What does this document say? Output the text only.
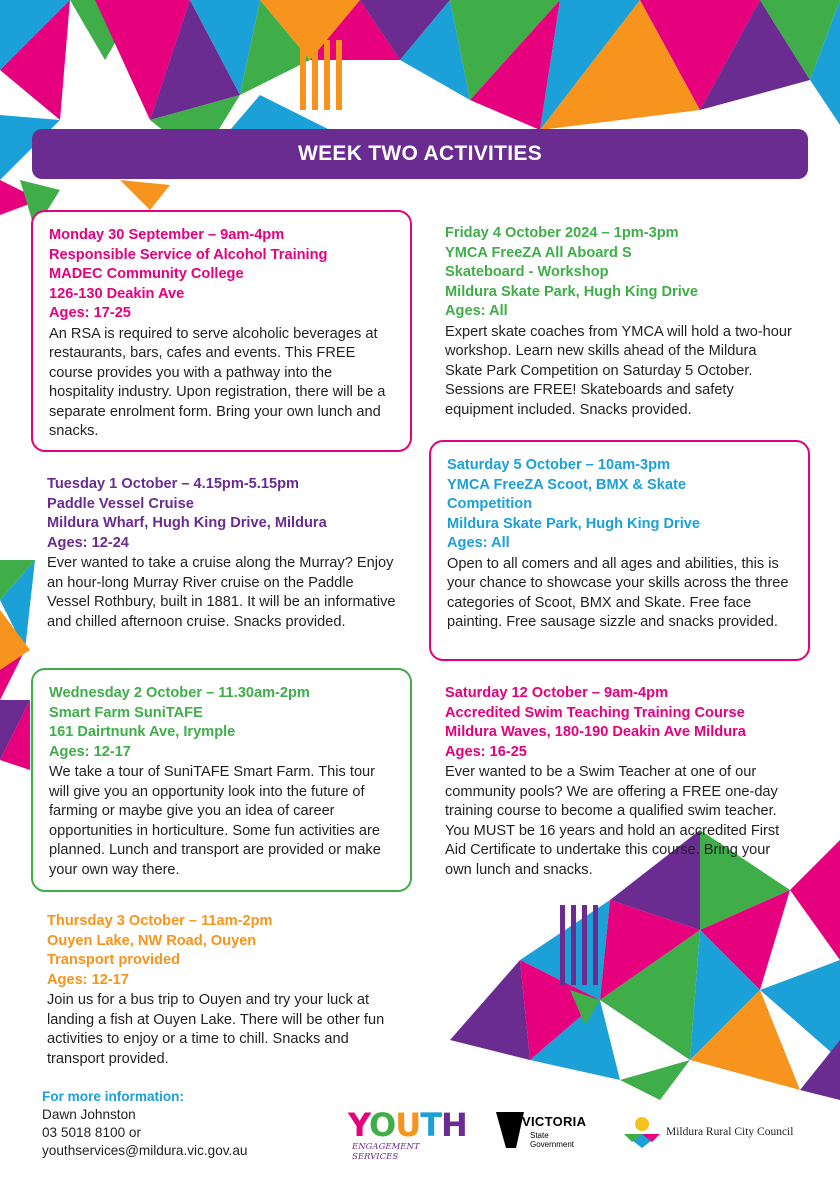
WEEK TWO ACTIVITIES
Monday 30 September – 9am-4pm
Responsible Service of Alcohol Training
MADEC Community College
126-130 Deakin Ave
Ages: 17-25
An RSA is required to serve alcoholic beverages at restaurants, bars, cafes and events. This FREE course provides you with a pathway into the hospitality industry. Upon registration, there will be a separate enrolment form. Bring your own lunch and snacks.
Tuesday 1 October – 4.15pm-5.15pm
Paddle Vessel Cruise
Mildura Wharf, Hugh King Drive, Mildura
Ages: 12-24
Ever wanted to take a cruise along the Murray? Enjoy an hour-long Murray River cruise on the Paddle Vessel Rothbury, built in 1881. It will be an informative and chilled afternoon cruise. Snacks provided.
Wednesday 2 October – 11.30am-2pm
Smart Farm SuniTAFE
161 Dairtnunk Ave, Irymple
Ages: 12-17
We take a tour of SuniTAFE Smart Farm. This tour will give you an opportunity look into the future of farming or maybe give you an idea of career opportunities in horticulture. Some fun activities are planned. Lunch and transport are provided or make your own way there.
Thursday 3 October – 11am-2pm
Ouyen Lake, NW Road, Ouyen
Transport provided
Ages: 12-17
Join us for a bus trip to Ouyen and try your luck at landing a fish at Ouyen Lake. There will be other fun activities to enjoy or a time to chill. Snacks and transport provided.
Friday 4 October 2024 – 1pm-3pm
YMCA FreeZA All Aboard S
Skateboard - Workshop
Mildura Skate Park, Hugh King Drive
Ages: All
Expert skate coaches from YMCA will hold a two-hour workshop. Learn new skills ahead of the Mildura Skate Park Competition on Saturday 5 October. Sessions are FREE! Skateboards and safety equipment included. Snacks provided.
Saturday 5 October – 10am-3pm
YMCA FreeZA Scoot, BMX & Skate
Competition
Mildura Skate Park, Hugh King Drive
Ages: All
Open to all comers and all ages and abilities, this is your chance to showcase your skills across the three categories of Scoot, BMX and Skate. Free face painting. Free sausage sizzle and snacks provided.
Saturday 12 October – 9am-4pm
Accredited Swim Teaching Training Course
Mildura Waves, 180-190 Deakin Ave Mildura
Ages: 16-25
Ever wanted to be a Swim Teacher at one of our community pools? We are offering a FREE one-day training course to become a qualified swim teacher. You MUST be 16 years and hold an accredited First Aid Certificate to undertake this course. Bring your own lunch and snacks.
For more information:
Dawn Johnston
03 5018 8100 or
youthservices@mildura.vic.gov.au
YOUTH
ENGAGEMENT SERVICES
VICTORIA
State
Government
Mildura Rural City Council
